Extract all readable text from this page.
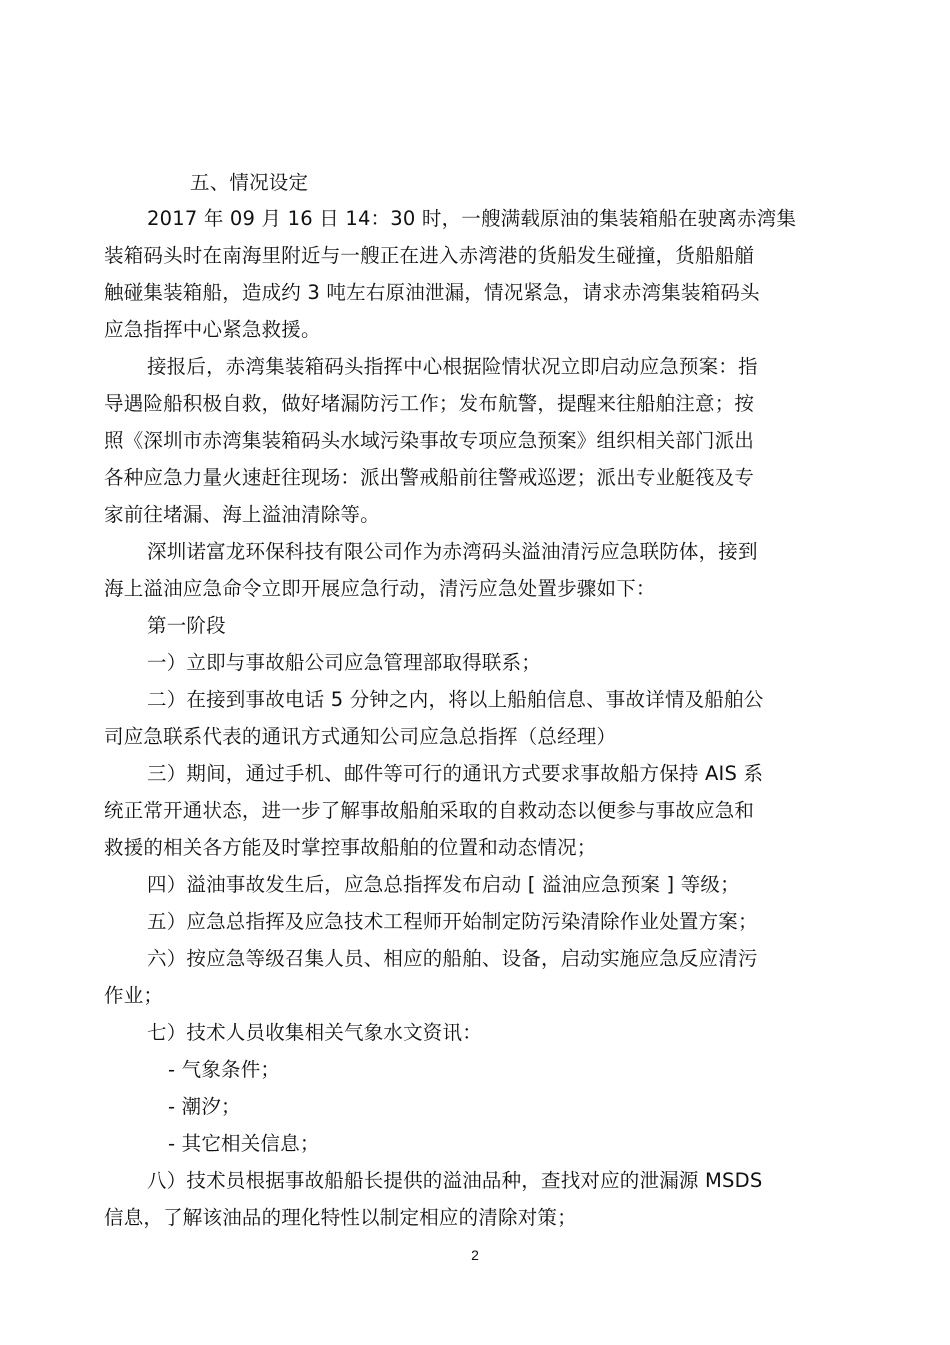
五、情况设定
2017 年 09 月 16 日 14：30 时，一艘满载原油的集装箱船在驶离赤湾集
装箱码头时在南海里附近与一艘正在进入赤湾港的货船发生碰撞，货船船艏
触碰集装箱船，造成约 3 吨左右原油泄漏，情况紧急，请求赤湾集装箱码头
应急指挥中心紧急救援。
接报后，赤湾集装箱码头指挥中心根据险情状况立即启动应急预案：指
导遇险船积极自救，做好堵漏防污工作；发布航警，提醒来往船舶注意；按
照《深圳市赤湾集装箱码头水域污染事故专项应急预案》组织相关部门派出
各种应急力量火速赶往现场：派出警戒船前往警戒巡逻；派出专业艇筏及专
家前往堵漏、海上溢油清除等。
深圳诺富龙环保科技有限公司作为赤湾码头溢油清污应急联防体，接到
海上溢油应急命令立即开展应急行动，清污应急处置步骤如下：
第一阶段
一）立即与事故船公司应急管理部取得联系；
二）在接到事故电话 5 分钟之内，将以上船舶信息、事故详情及船舶公
司应急联系代表的通讯方式通知公司应急总指挥（总经理）
三）期间，通过手机、邮件等可行的通讯方式要求事故船方保持 AIS 系
统正常开通状态，进一步了解事故船舶采取的自救动态以便参与事故应急和
救援的相关各方能及时掌控事故船舶的位置和动态情况；
四）溢油事故发生后，应急总指挥发布启动 [ 溢油应急预案 ] 等级；
五）应急总指挥及应急技术工程师开始制定防污染清除作业处置方案；
六）按应急等级召集人员、相应的船舶、设备，启动实施应急反应清污
作业；
七）技术人员收集相关气象水文资讯：
- 气象条件；
- 潮汐；
- 其它相关信息；
八）技术员根据事故船船长提供的溢油品种，查找对应的泄漏源 MSDS
信息，了解该油品的理化特性以制定相应的清除对策；
2
